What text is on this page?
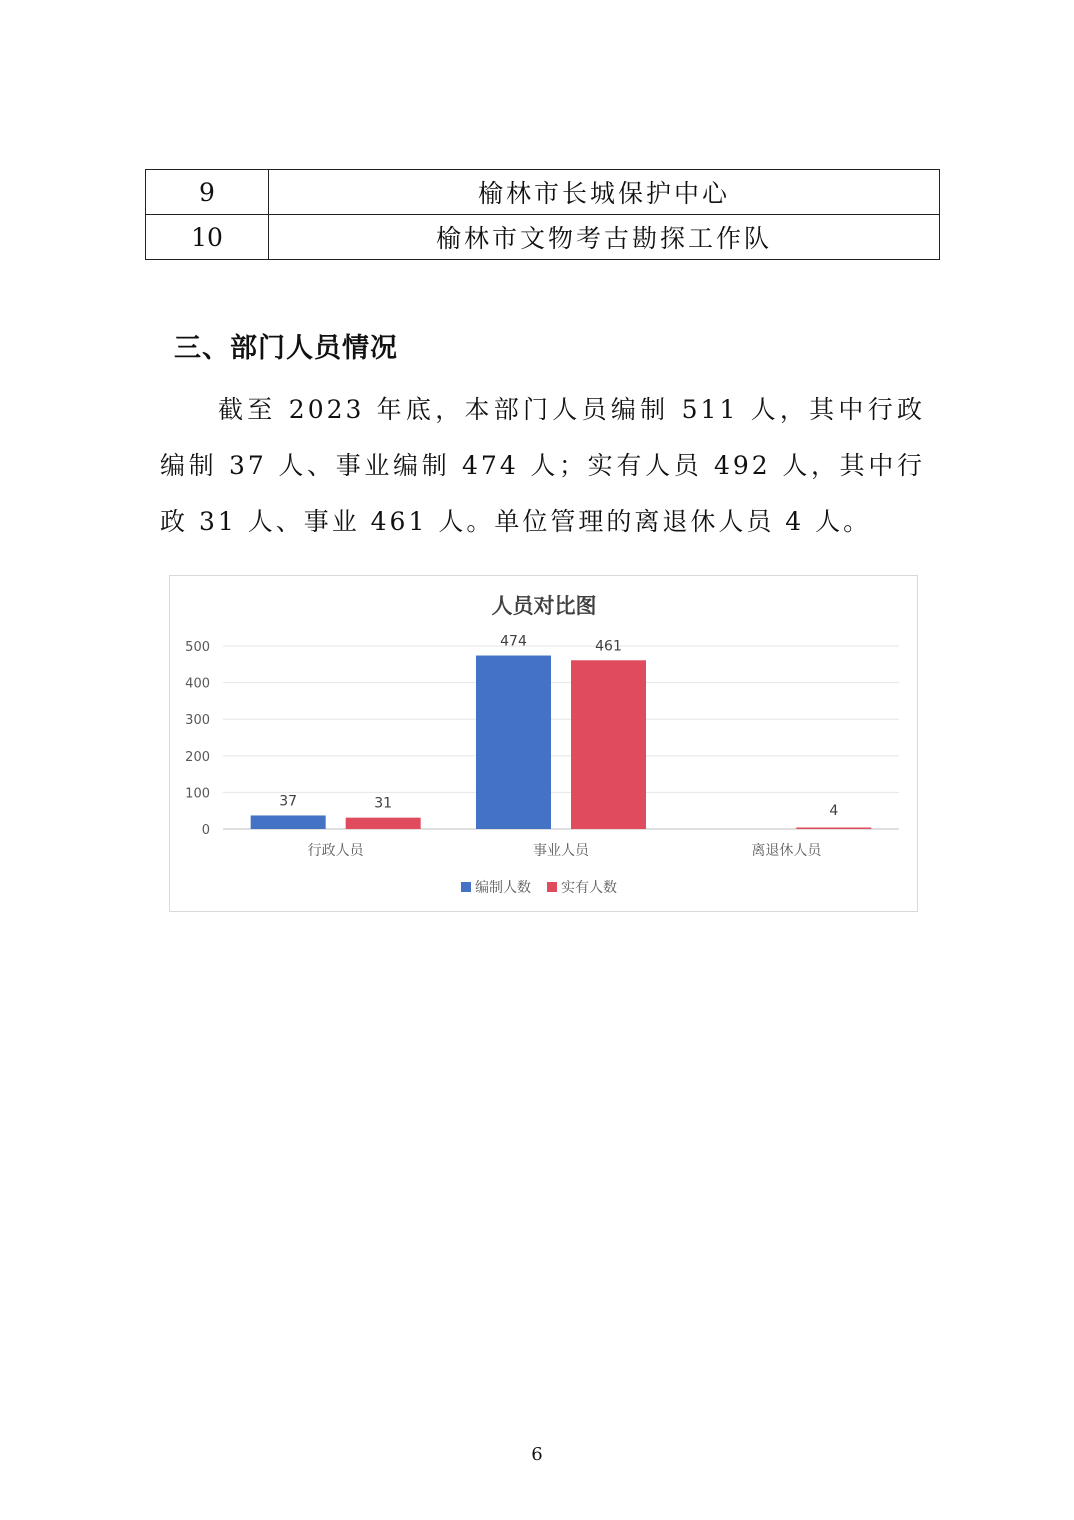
9	榆林市长城保护中心
10	榆林市文物考古勘探工作队
三、部门人员情况

截至 2023 年底，本部门人员编制 511 人，其中行政编制 37 人、事业编制 474 人；实有人员 492 人，其中行政 31 人、事业 461 人。单位管理的离退休人员 4 人。

人员对比图
0
100
200
300
400
500
37	31
474	461
4
行政人员	事业人员	离退休人员
编制人数 实有人数
6
